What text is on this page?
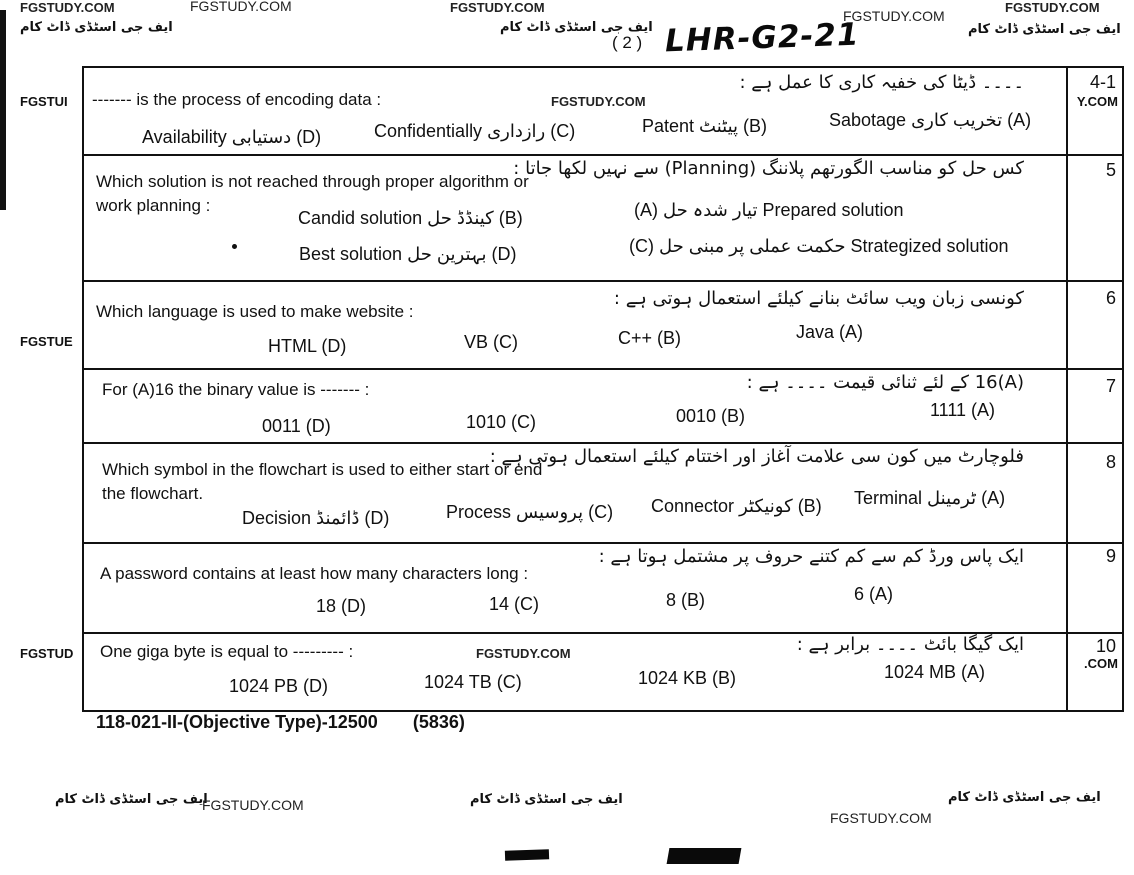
FGSTUDY.COM	FGSTUDY.COM	FGSTUDY.COM
FGSTUDY.COM
FGSTUDY.COM
ایف جی اسٹڈی ڈاٹ کام	ایف جی اسٹڈی ڈاٹ کام	ایف جی اسٹڈی ڈاٹ کام
( 2 ) LHR-G2-21
FGSTUI
FGSTUE
FGSTUD
4-1
Y.COM
۔۔۔۔ ڈیٹا کی خفیہ کاری کا عمل ہے :
------- is the process of encoding data :	FGSTUDY.COM
Sabotage تخریب کاری (A)
Patent پیٹنٹ (B)
Confidentially رازداری (C)
Availability دستیابی (D)
5
کس حل کو مناسب الگورتھم پلاننگ (Planning) سے نہیں لکھا جاتا :
Which solution is not reached through proper algorithm or
work planning :	(A) تیار شدہ حل Prepared solution
Candid solution کینڈڈ حل (B)
(C) حکمت عملی پر مبنی حل Strategized solution
Best solution بہترین حل (D)
6
کونسی زبان ویب سائٹ بنانے کیلئے استعمال ہوتی ہے :
Which language is used to make website :
Java (A)
C++ (B)
VB (C)
HTML (D)
7
(A)16 کے لئے ثنائی قیمت ۔۔۔۔ ہے :
For (A)16 the binary value is ------- :
1111 (A)
0010 (B)
1010 (C)
0011 (D)
8
فلوچارٹ میں کون سی علامت آغاز اور اختتام کیلئے استعمال ہوتی ہے :
Which symbol in the flowchart is used to either start or end
the flowchart.	Terminal ٹرمینل (A)
Connector کونیکٹر (B)
Process پروسیس (C)
Decision ڈائمنڈ (D)
9
ایک پاس ورڈ کم سے کم کتنے حروف پر مشتمل ہوتا ہے :
A password contains at least how many characters long :
6 (A)
8 (B)
14 (C)
18 (D)
10
.COM
ایک گیگا بائٹ ۔۔۔۔ برابر ہے :
One giga byte is equal to --------- :	FGSTUDY.COM
1024 MB (A)
1024 KB (B)
1024 TB (C)
1024 PB (D)
118-021-II-(Objective Type)-12500 (5836)
ایف جی اسٹڈی ڈاٹ کام
FGSTUDY.COM	ایف جی اسٹڈی ڈاٹ کام	ایف جی اسٹڈی ڈاٹ کام
FGSTUDY.COM
